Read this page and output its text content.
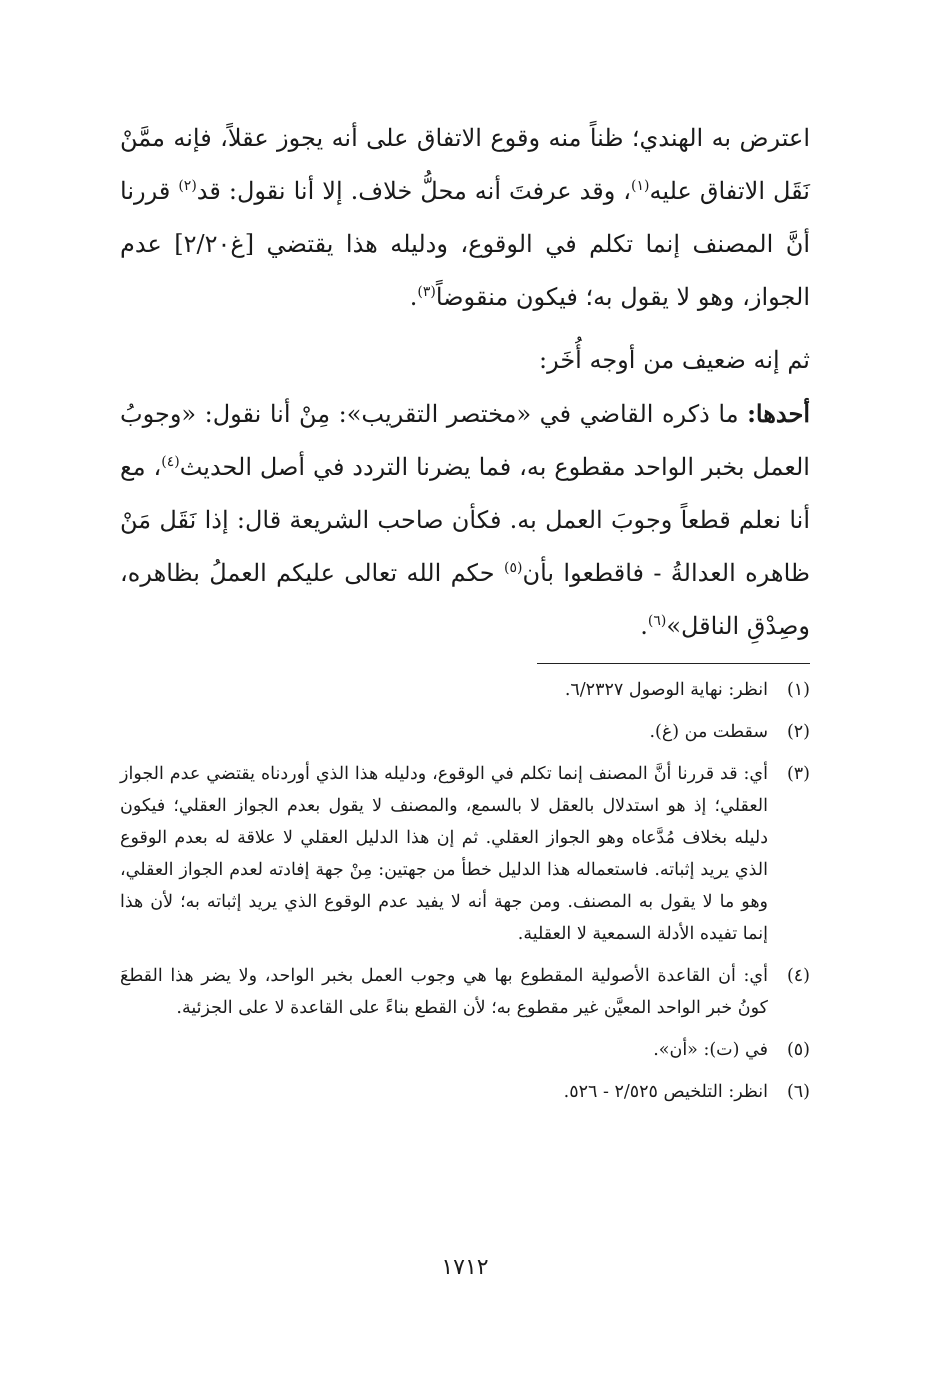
اعترض به الهندي؛ ظناً منه وقوع الاتفاق على أنه يجوز عقلاً، فإنه ممَّنْ نَقَل الاتفاق عليه$^{(١)}$، وقد عرفتَ أنه محلُّ خلاف. إلا أنا نقول: قد$^{(٢)}$ قررنا أنَّ المصنف إنما تكلم في الوقوع، ودليله هذا يقتضي [غ٢/٢٠] عدم الجواز، وهو لا يقول به؛ فيكون منقوضاً$^{(٣)}$.

ثم إنه ضعيف من أوجه أُخَر:

أحدها: ما ذكره القاضي في «مختصر التقريب»: مِنْ أنا نقول: «وجوبُ العمل بخبر الواحد مقطوع به، فما يضرنا التردد في أصل الحديث$^{(٤)}$، مع أنا نعلم قطعاً وجوبَ العمل به. فكأن صاحب الشريعة قال: إذا نَقَل مَنْ ظاهره العدالةُ - فاقطعوا بأن$^{(٥)}$ حكم الله تعالى عليكم العملُ بظاهره، وصِدْقِ الناقل»$^{(٦)}$.

(١)
انظر: نهاية الوصول ٦/٢٣٢٧.
(٢)
سقطت من (غ).
(٣)
أي: قد قررنا أنَّ المصنف إنما تكلم في الوقوع، ودليله هذا الذي أوردناه يقتضي عدم الجواز العقلي؛ إذ هو استدلال بالعقل لا بالسمع، والمصنف لا يقول بعدم الجواز العقلي؛ فيكون دليله بخلاف مُدَّعاه وهو الجواز العقلي. ثم إن هذا الدليل العقلي لا علاقة له بعدم الوقوع الذي يريد إثباته. فاستعماله هذا الدليل خطأ من جهتين: مِنْ جهة إفادته لعدم الجواز العقلي، وهو ما لا يقول به المصنف. ومن جهة أنه لا يفيد عدم الوقوع الذي يريد إثباته به؛ لأن هذا إنما تفيده الأدلة السمعية لا العقلية.
(٤)
أي: أن القاعدة الأصولية المقطوع بها هي وجوب العمل بخبر الواحد، ولا يضر هذا القطعَ كونُ خبر الواحد المعيَّن غير مقطوع به؛ لأن القطع بناءً على القاعدة لا على الجزئية.
(٥)
في (ت): «أن».
(٦)
انظر: التلخيص ٢/٥٢٥ - ٥٢٦.
١٧١٢
